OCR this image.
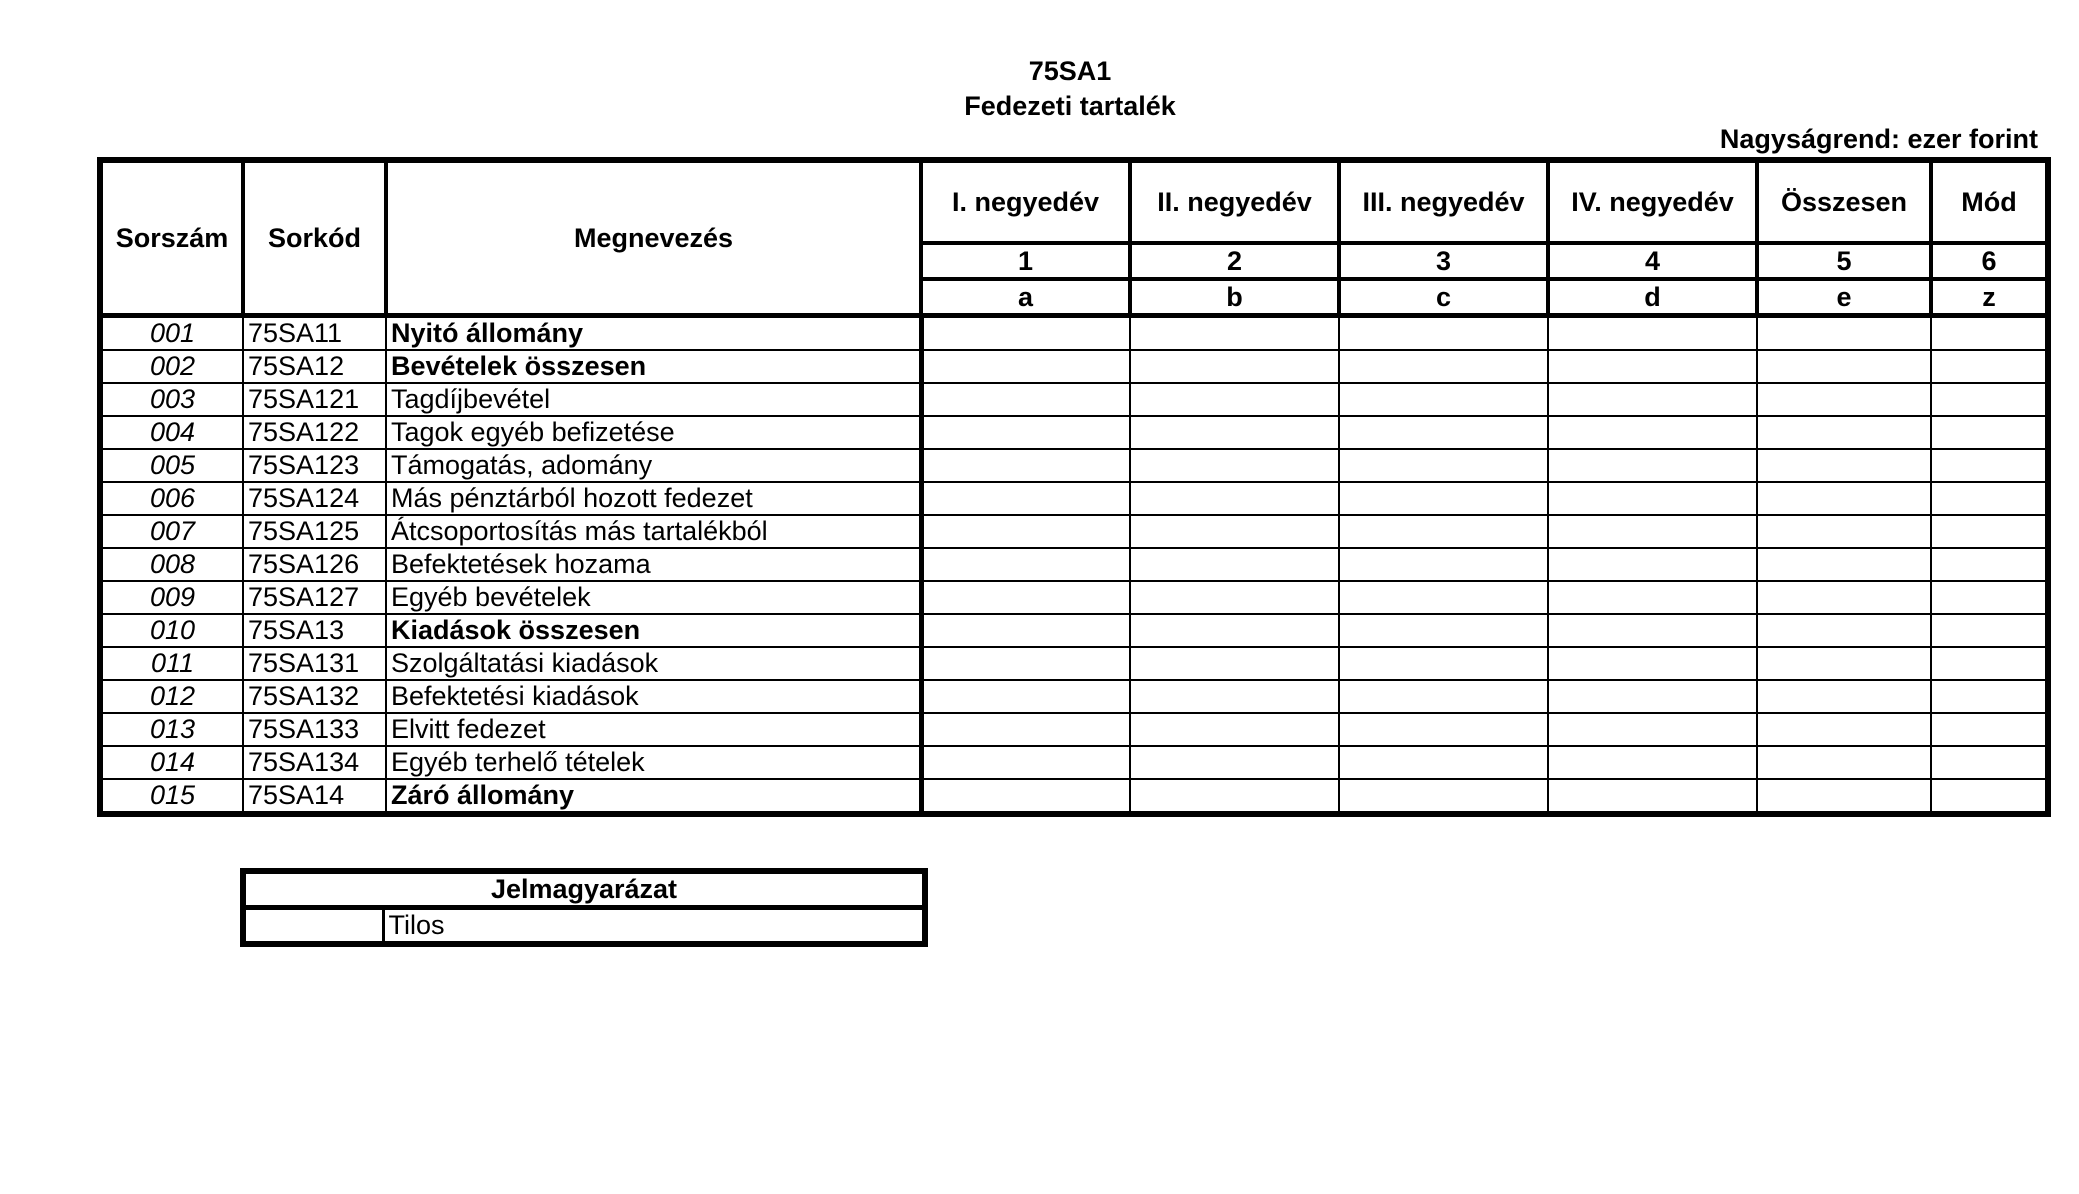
75SA1
Fedezeti tartalék
Nagyságrend: ezer forint
Sorszám	Sorkód	Megnevezés	I. negyedév	II. negyedév	III. negyedév	IV. negyedév	Összesen	Mód
			1	2	3	4	5	6
			a	b	c	d	e	z
001	75SA11	Nyitó állomány						
002	75SA12	Bevételek összesen						
003	75SA121	Tagdíjbevétel						
004	75SA122	Tagok egyéb befizetése						
005	75SA123	Támogatás, adomány						
006	75SA124	Más pénztárból hozott fedezet						
007	75SA125	Átcsoportosítás más tartalékból						
008	75SA126	Befektetések hozama						
009	75SA127	Egyéb bevételek						
010	75SA13	Kiadások összesen						
011	75SA131	Szolgáltatási kiadások						
012	75SA132	Befektetési kiadások						
013	75SA133	Elvitt fedezet						
014	75SA134	Egyéb terhelő tételek						
015	75SA14	Záró állomány						
Jelmagyarázat
	Tilos
